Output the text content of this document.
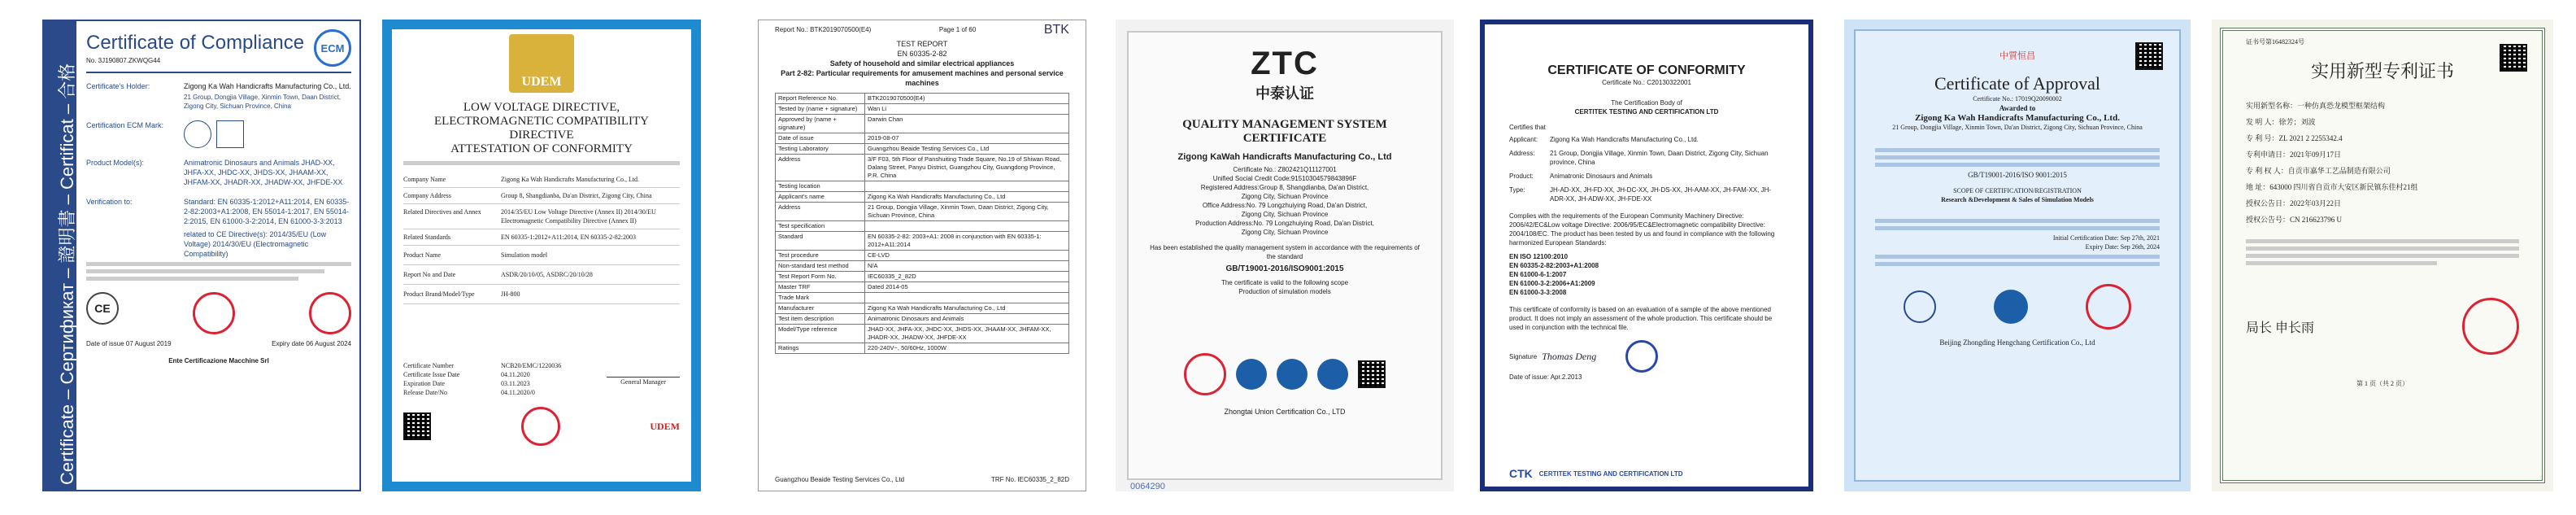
Certificate – Сертификат – 證明書 – Certificat – 合格
Certificate of Compliance
No. 3J190807.ZKWQG44
ECM
Certificate's Holder:	Zigong Ka Wah Handicrafts Manufacturing Co., Ltd.
21 Group, Dongjia Village, Xinmin Town, Daan District, Zigong City, Sichuan Province, China
Certification ECM Mark:
Product Model(s):	Animatronic Dinosaurs and Animals JHAD-XX, JHFA-XX, JHDC-XX, JHDS-XX, JHAAM-XX, JHFAM-XX, JHADR-XX, JHADW-XX, JHFDE-XX
Verification to:	Standard: EN 60335-1:2012+A11:2014, EN 60335-2-82:2003+A1:2008, EN 55014-1:2017, EN 55014-2:2015, EN 61000-3-2:2014, EN 61000-3-3:2013
related to CE Directive(s): 2014/35/EU (Low Voltage) 2014/30/EU (Electromagnetic Compatibility)
CE
Date of issue 07 August 2019	Expiry date 06 August 2024
Ente Certificazione Macchine Srl
UDEM
LOW VOLTAGE DIRECTIVE,
ELECTROMAGNETIC COMPATIBILITY DIRECTIVE
ATTESTATION OF CONFORMITY
Company Name	Zigong Ka Wah Handicrafts Manufacturing Co., Ltd.
Company Address	Group 8, Shangdianba, Da'an District, Zigong City, China
Related Directives and Annex	2014/35/EU Low Voltage Directive (Annex II) 2014/30/EU Electromagnetic Compatibility Directive (Annex II)
Related Standards	EN 60335-1:2012+A11:2014, EN 60335-2-82:2003
Product Name	Simulation model
Report No and Date	ASDR/20/10/05, ASDRC/20/10/28
Product Brand/Model/Type	JH-800
Certificate Number	NCB20/EMC/1220036
Certificate Issue Date	04.11.2020
Expiration Date	03.11.2023
Release Date/No	04.11.2020/0
General Manager
UDEM
Report No.: BTK2019070500(E4)	Page 1 of 60	BTK
TEST REPORT
EN 60335-2-82
Safety of household and similar electrical appliances
Part 2-82: Particular requirements for amusement machines and personal service machines
Report Reference No.	BTK2019070500(E4)
Tested by (name + signature)	Wan Li
Approved by (name + signature)	Darwin Chan
Date of issue	2019-08-07
Testing Laboratory	Guangzhou Beaide Testing Services Co., Ltd
Address	3/F F03, 5th Floor of Panshuiting Trade Square, No.19 of Shiwan Road, Dalang Street, Panyu District, Guangzhou City, Guangdong Province, P.R. China
Testing location	
Applicant's name	Zigong Ka Wah Handicrafts Manufacturing Co., Ltd
Address	21 Group, Dongjia Village, Xinmin Town, Daan District, Zigong City, Sichuan Province, China
Test specification	
Standard	EN 60335-2-82: 2003+A1: 2008 in conjunction with EN 60335-1: 2012+A11:2014
Test procedure	CE-LVD
Non-standard test method	N/A
Test Report Form No.	IEC60335_2_82D
Master TRF	Dated 2014-05
Trade Mark	
Manufacturer	Zigong Ka Wah Handicrafts Manufacturing Co., Ltd
Test item description	Animatronic Dinosaurs and Animals
Model/Type reference	JHAD-XX, JHFA-XX, JHDC-XX, JHDS-XX, JHAAM-XX, JHFAM-XX, JHADR-XX, JHADW-XX, JHFDE-XX
Ratings	220-240V~, 50/60Hz, 1000W
Guangzhou Beaide Testing Services Co., Ltd	TRF No. IEC60335_2_82D
ZTC
中泰认证
QUALITY MANAGEMENT SYSTEM CERTIFICATE
Zigong KaWah Handicrafts Manufacturing Co., Ltd
Certificate No.: Z802421Q11127001
Unified Social Credit Code:91510304579843896F
Registered Address:Group 8, Shangdianba, Da'an District,
Zigong City, Sichuan Province
Office Address:No. 79 Longzhuiying Road, Da'an District,
Zigong City, Sichuan Province
Production Address:No. 79 Longzhuiying Road, Da'an District,
Zigong City, Sichuan Province
Has been established the quality management system in accordance with the requirements of the standard
GB/T19001-2016/ISO9001:2015
The certificate is valid to the following scope
Production of simulation models
Zhongtai Union Certification Co., LTD
0064290
CERTIFICATE OF CONFORMITY
Certificate No.: C20130322001
The Certification Body of
CERTITEK TESTING AND CERTIFICATION LTD
Certifies that
Applicant:	Zigong Ka Wah Handicrafts Manufacturing Co., Ltd.
Address:	21 Group, Dongjia Village, Xinmin Town, Daan District, Zigong City, Sichuan province, China
Product:	Animatronic Dinosaurs and Animals
Type:	JH-AD-XX, JH-FD-XX, JH-DC-XX, JH-DS-XX, JH-AAM-XX, JH-FAM-XX, JH-ADR-XX, JH-ADW-XX, JH-FDE-XX
Complies with the requirements of the European Community Machinery Directive: 2006/42/EC&Low voltage Directive: 2006/95/EC&Electromagnetic compatibility Directive: 2004/108/EC. The product has been tested by us and found in compliance with the following harmonized European Standards:
EN ISO 12100:2010
EN 60335-2-82:2003+A1:2008
EN 61000-6-1:2007
EN 61000-3-2:2006+A1:2009
EN 61000-3-3:2008
This certificate of conformity is based on an evaluation of a sample of the above mentioned product. It does not imply an assessment of the whole production. This certificate should be used in conjunction with the technical file.
Signature Thomas Deng
Date of issue: Apr.2.2013
CTK CERTITEK TESTING AND CERTIFICATION LTD
中質恒昌
Certificate of Approval
Certificate No.: 17019Q20090002
Awarded to
Zigong Ka Wah Handicrafts Manufacturing Co., Ltd.
21 Group, Dongjia Village, Xinmin Town, Da'an District, Zigong City, Sichuan Province, China
GB/T19001-2016/ISO 9001:2015
SCOPE OF CERTIFICATION/REGISTRATION
Research &Development & Sales of Simulation Models
Initial Certification Date: Sep 27th, 2021
Expiry Date: Sep 26th, 2024
Beijing Zhongding Hengchang Certification Co., Ltd
证书号第16482324号
实用新型专利证书
实用新型名称：一种仿真恐龙模型框架结构
发 明 人：徐芳；刘波
专 利 号：ZL 2021 2 2255342.4
专利申请日：2021年09月17日
专 利 权 人：自贡市嘉华工艺品制造有限公司
地 址：643000 四川省自贡市大安区新民镇东佳村21组
授权公告日：2022年03月22日
授权公告号：CN 216623796 U
局长 申长雨
第 1 页（共 2 页）
